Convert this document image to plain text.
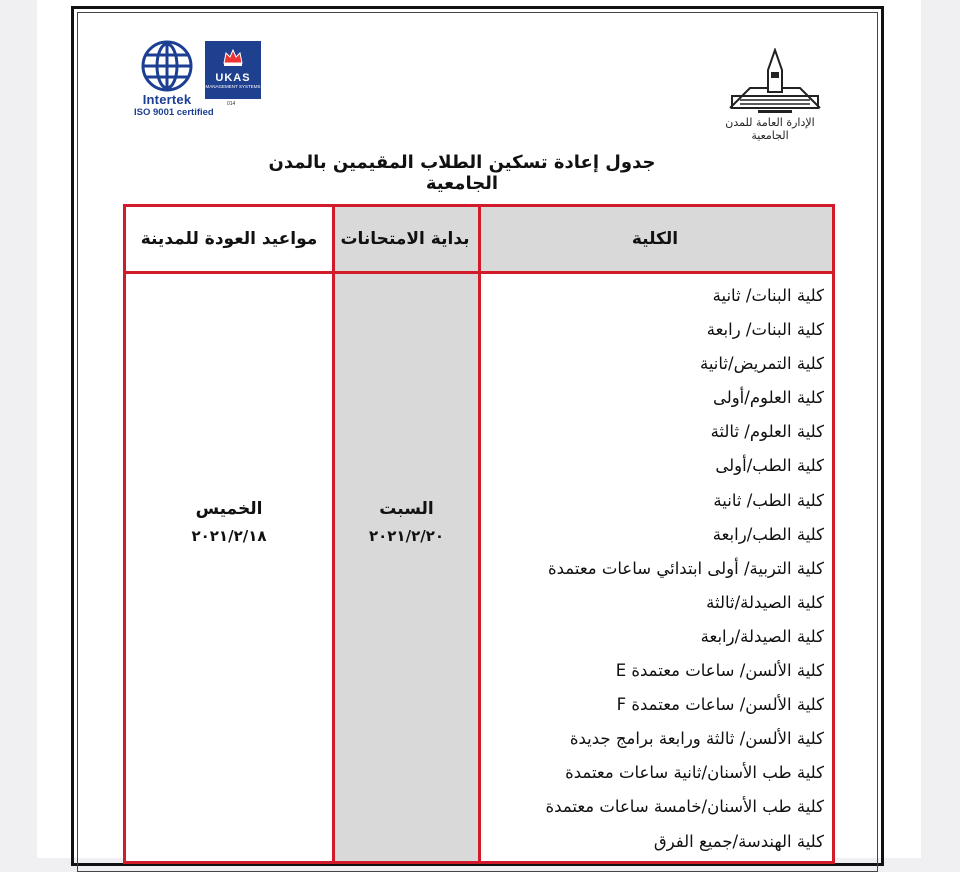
Intertek
ISO 9001 certified
UKAS
MANAGEMENT SYSTEMS
014
الإدارة العامة للمدن الجامعية
جدول إعادة تسكين الطلاب المقيمين بالمدن الجامعية
الكلية
بداية الامتحانات
مواعيد العودة للمدينة
السبت
٢٠٢١/٢/٢٠
الخميس
٢٠٢١/٢/١٨
كلية البنات/ ثانية
كلية البنات/ رابعة
كلية التمريض/ثانية
كلية العلوم/أولى
كلية العلوم/ ثالثة
كلية الطب/أولى
كلية الطب/ ثانية
كلية الطب/رابعة
كلية التربية/ أولى ابتدائي ساعات معتمدة
كلية الصيدلة/ثالثة
كلية الصيدلة/رابعة
كلية الألسن/ ساعات معتمدة E
كلية الألسن/ ساعات معتمدة F
كلية الألسن/ ثالثة ورابعة برامج جديدة
كلية طب الأسنان/ثانية ساعات معتمدة
كلية طب الأسنان/خامسة ساعات معتمدة
كلية الهندسة/جميع الفرق
